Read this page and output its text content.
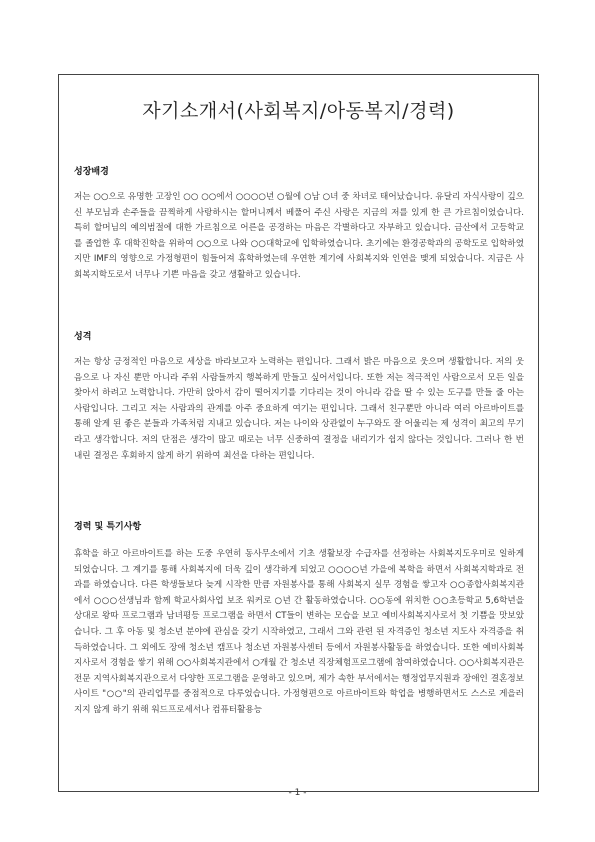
자기소개서(사회복지/아동복지/경력)
성장배경

저는 ○○으로 유명한 고장인 ○○ ○○에서 ○○○○년 ○월에 ○남 ○녀 중 차녀로 태어났습니다. 유달리 자식사랑이 깊으신 부모님과 손주들을 끔찍하게 사랑하시는 할머니께서 베풀어 주신 사랑은 지금의 저를 있게 한 큰 가르침이었습니다. 특히 할머님의 예의범절에 대한 가르침으로 어른을 공경하는 마음은 각별하다고 자부하고 있습니다. 금산에서 고등학교를 졸업한 후 대학진학을 위하여 ○○으로 나와 ○○대학교에 입학하였습니다. 초기에는 환경공학과의 공학도로 입학하였지만 IMF의 영향으로 가정형편이 힘들어져 휴학하였는데 우연한 계기에 사회복지와 인연을 맺게 되었습니다. 지금은 사회복지학도로서 너무나 기쁜 마음을 갖고 생활하고 있습니다.

성격

저는 항상 긍정적인 마음으로 세상을 바라보고자 노력하는 편입니다. 그래서 밝은 마음으로 웃으며 생활합니다. 저의 웃음으로 나 자신 뿐만 아니라 주위 사람들까지 행복하게 만들고 싶어서입니다. 또한 저는 적극적인 사람으로서 모든 일을 찾아서 하려고 노력합니다. 가만히 앉아서 감이 떨어지기를 기다리는 것이 아니라 감을 딸 수 있는 도구를 만들 줄 아는 사람입니다. 그리고 저는 사람과의 관계를 아주 중요하게 여기는 편입니다. 그래서 친구뿐만 아니라 여러 아르바이트를 통해 알게 된 좋은 분들과 가족처럼 지내고 있습니다. 저는 나이와 상관없이 누구와도 잘 어울리는 제 성격이 최고의 무기라고 생각합니다. 저의 단점은 생각이 많고 때로는 너무 신중하여 결정을 내리기가 쉽지 않다는 것입니다. 그러나 한 번 내린 결정은 후회하지 않게 하기 위하여 최선을 다하는 편입니다.

경력 및 특기사항

휴학을 하고 아르바이트를 하는 도중 우연히 동사무소에서 기초 생활보장 수급자를 선정하는 사회복지도우미로 일하게 되었습니다. 그 계기를 통해 사회복지에 더욱 깊이 생각하게 되었고 ○○○○년 가을에 복학을 하면서 사회복지학과로 전과를 하였습니다. 다른 학생들보다 늦게 시작한 만큼 자원봉사를 통해 사회복지 실무 경험을 쌓고자 ○○종합사회복지관에서 ○○○선생님과 함께 학교사회사업 보조 워커로 ○년 간 활동하였습니다. ○○동에 위치한 ○○초등학교 5,6학년을 상대로 왕따 프로그램과 남녀평등 프로그램을 하면서 CT들이 변하는 모습을 보고 예비사회복지사로서 첫 기쁨을 맛보았습니다. 그 후 아동 및 청소년 분야에 관심을 갖기 시작하였고, 그래서 그와 관련 된 자격증인 청소년 지도사 자격증을 취득하였습니다. 그 외에도 장애 청소년 캠프나 청소년 자원봉사센터 등에서 자원봉사활동을 하였습니다. 또한 예비사회복지사로서 경험을 쌓기 위해 ○○사회복지관에서 ○개월 간 청소년 직장체험프로그램에 참여하였습니다. ○○사회복지관은 전문 지역사회복지관으로서 다양한 프로그램을 운영하고 있으며, 제가 속한 부서에서는 행정업무지원과 장애인 결혼정보 사이트 "○○"의 관리업무를 중점적으로 다루었습니다. 가정형편으로 아르바이트와 학업을 병행하면서도 스스로 게을러지지 않게 하기 위해 워드프로세서나 컴퓨터활용능

- 1 -
